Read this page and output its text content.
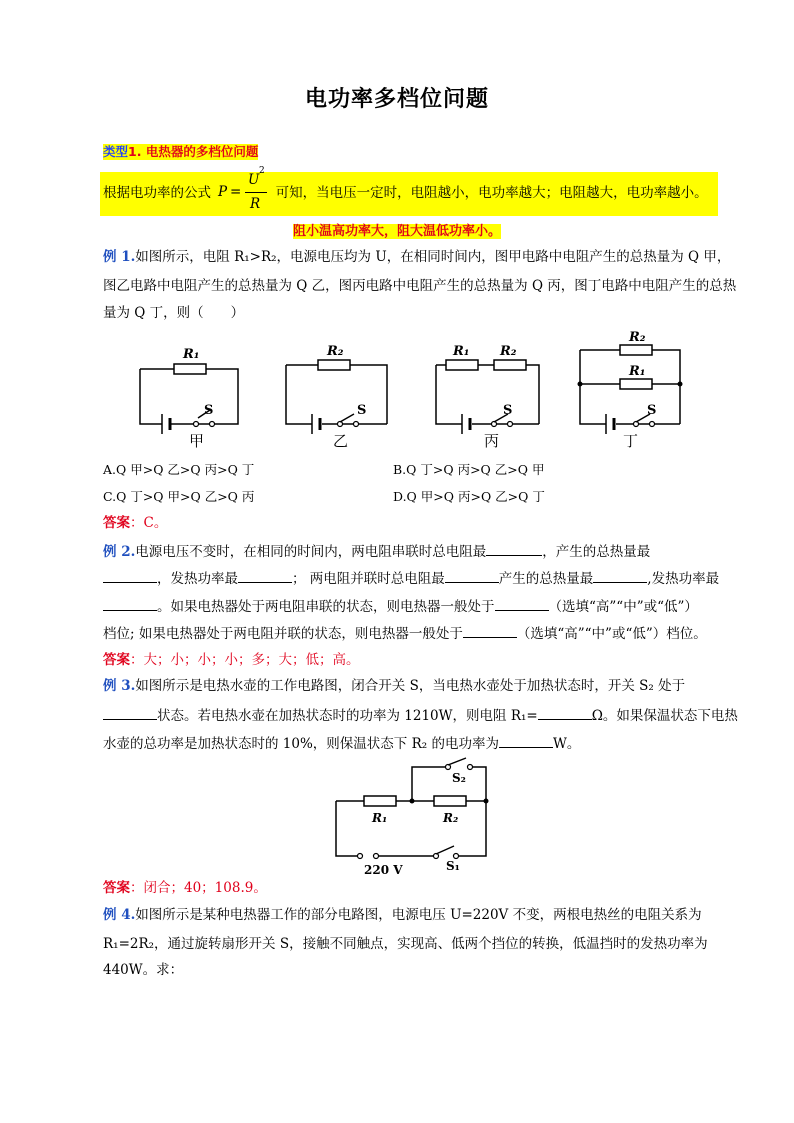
电功率多档位问题
类型1. 电热器的多档位问题
根据电功率的公式	可知，当电压一定时，电阻越小，电功率越大；电阻越大，电功率越小。
P =
U
2
R
阻小温高功率大，阻大温低功率小。
例 1.如图所示，电阻 R₁>R₂，电源电压均为 U，在相同时间内，图甲电路中电阻产生的总热量为 Q 甲，
图乙电路中电阻产生的总热量为 Q 乙，图丙电路中电阻产生的总热量为 Q 丙，图丁电路中电阻产生的总热
量为 Q 丁，则（　　）
R₁	R₂	R₁ R₂
R₂
R₁
S	S	S	S
甲	乙	丙	丁
S₂
R₁	R₂
220 V	S₁
A.Q 甲>Q 乙>Q 丙>Q 丁	B.Q 丁>Q 丙>Q 乙>Q 甲
C.Q 丁>Q 甲>Q 乙>Q 丙	D.Q 甲>Q 丙>Q 乙>Q 丁
答案：C。
例 2.电源电压不变时，在相同的时间内，两电阻串联时总电阻最	，产生的总热量最
，发热功率最	； 两电阻并联时总电阻最	产生的总热量最	,发热功率最
。如果电热器处于两电阻串联的状态，则电热器一般处于	（选填“高”“中”或“低”）
档位; 如果电热器处于两电阻并联的状态，则电热器一般处于	（选填“高”“中”或“低”）档位。
答案：大；小；小；小；多；大；低；高。
例 3.如图所示是电热水壶的工作电路图，闭合开关 S，当电热水壶处于加热状态时，开关 S₂ 处于
状态。若电热水壶在加热状态时的功率为 1210W，则电阻 R₁=	Ω。如果保温状态下电热
水壶的总功率是加热状态时的 10%，则保温状态下 R₂ 的电功率为	W。
答案：闭合；40；108.9。
例 4.如图所示是某种电热器工作的部分电路图，电源电压 U=220V 不变，两根电热丝的电阻关系为
R₁=2R₂，通过旋转扇形开关 S，接触不同触点，实现高、低两个挡位的转换，低温挡时的发热功率为
440W。求：
